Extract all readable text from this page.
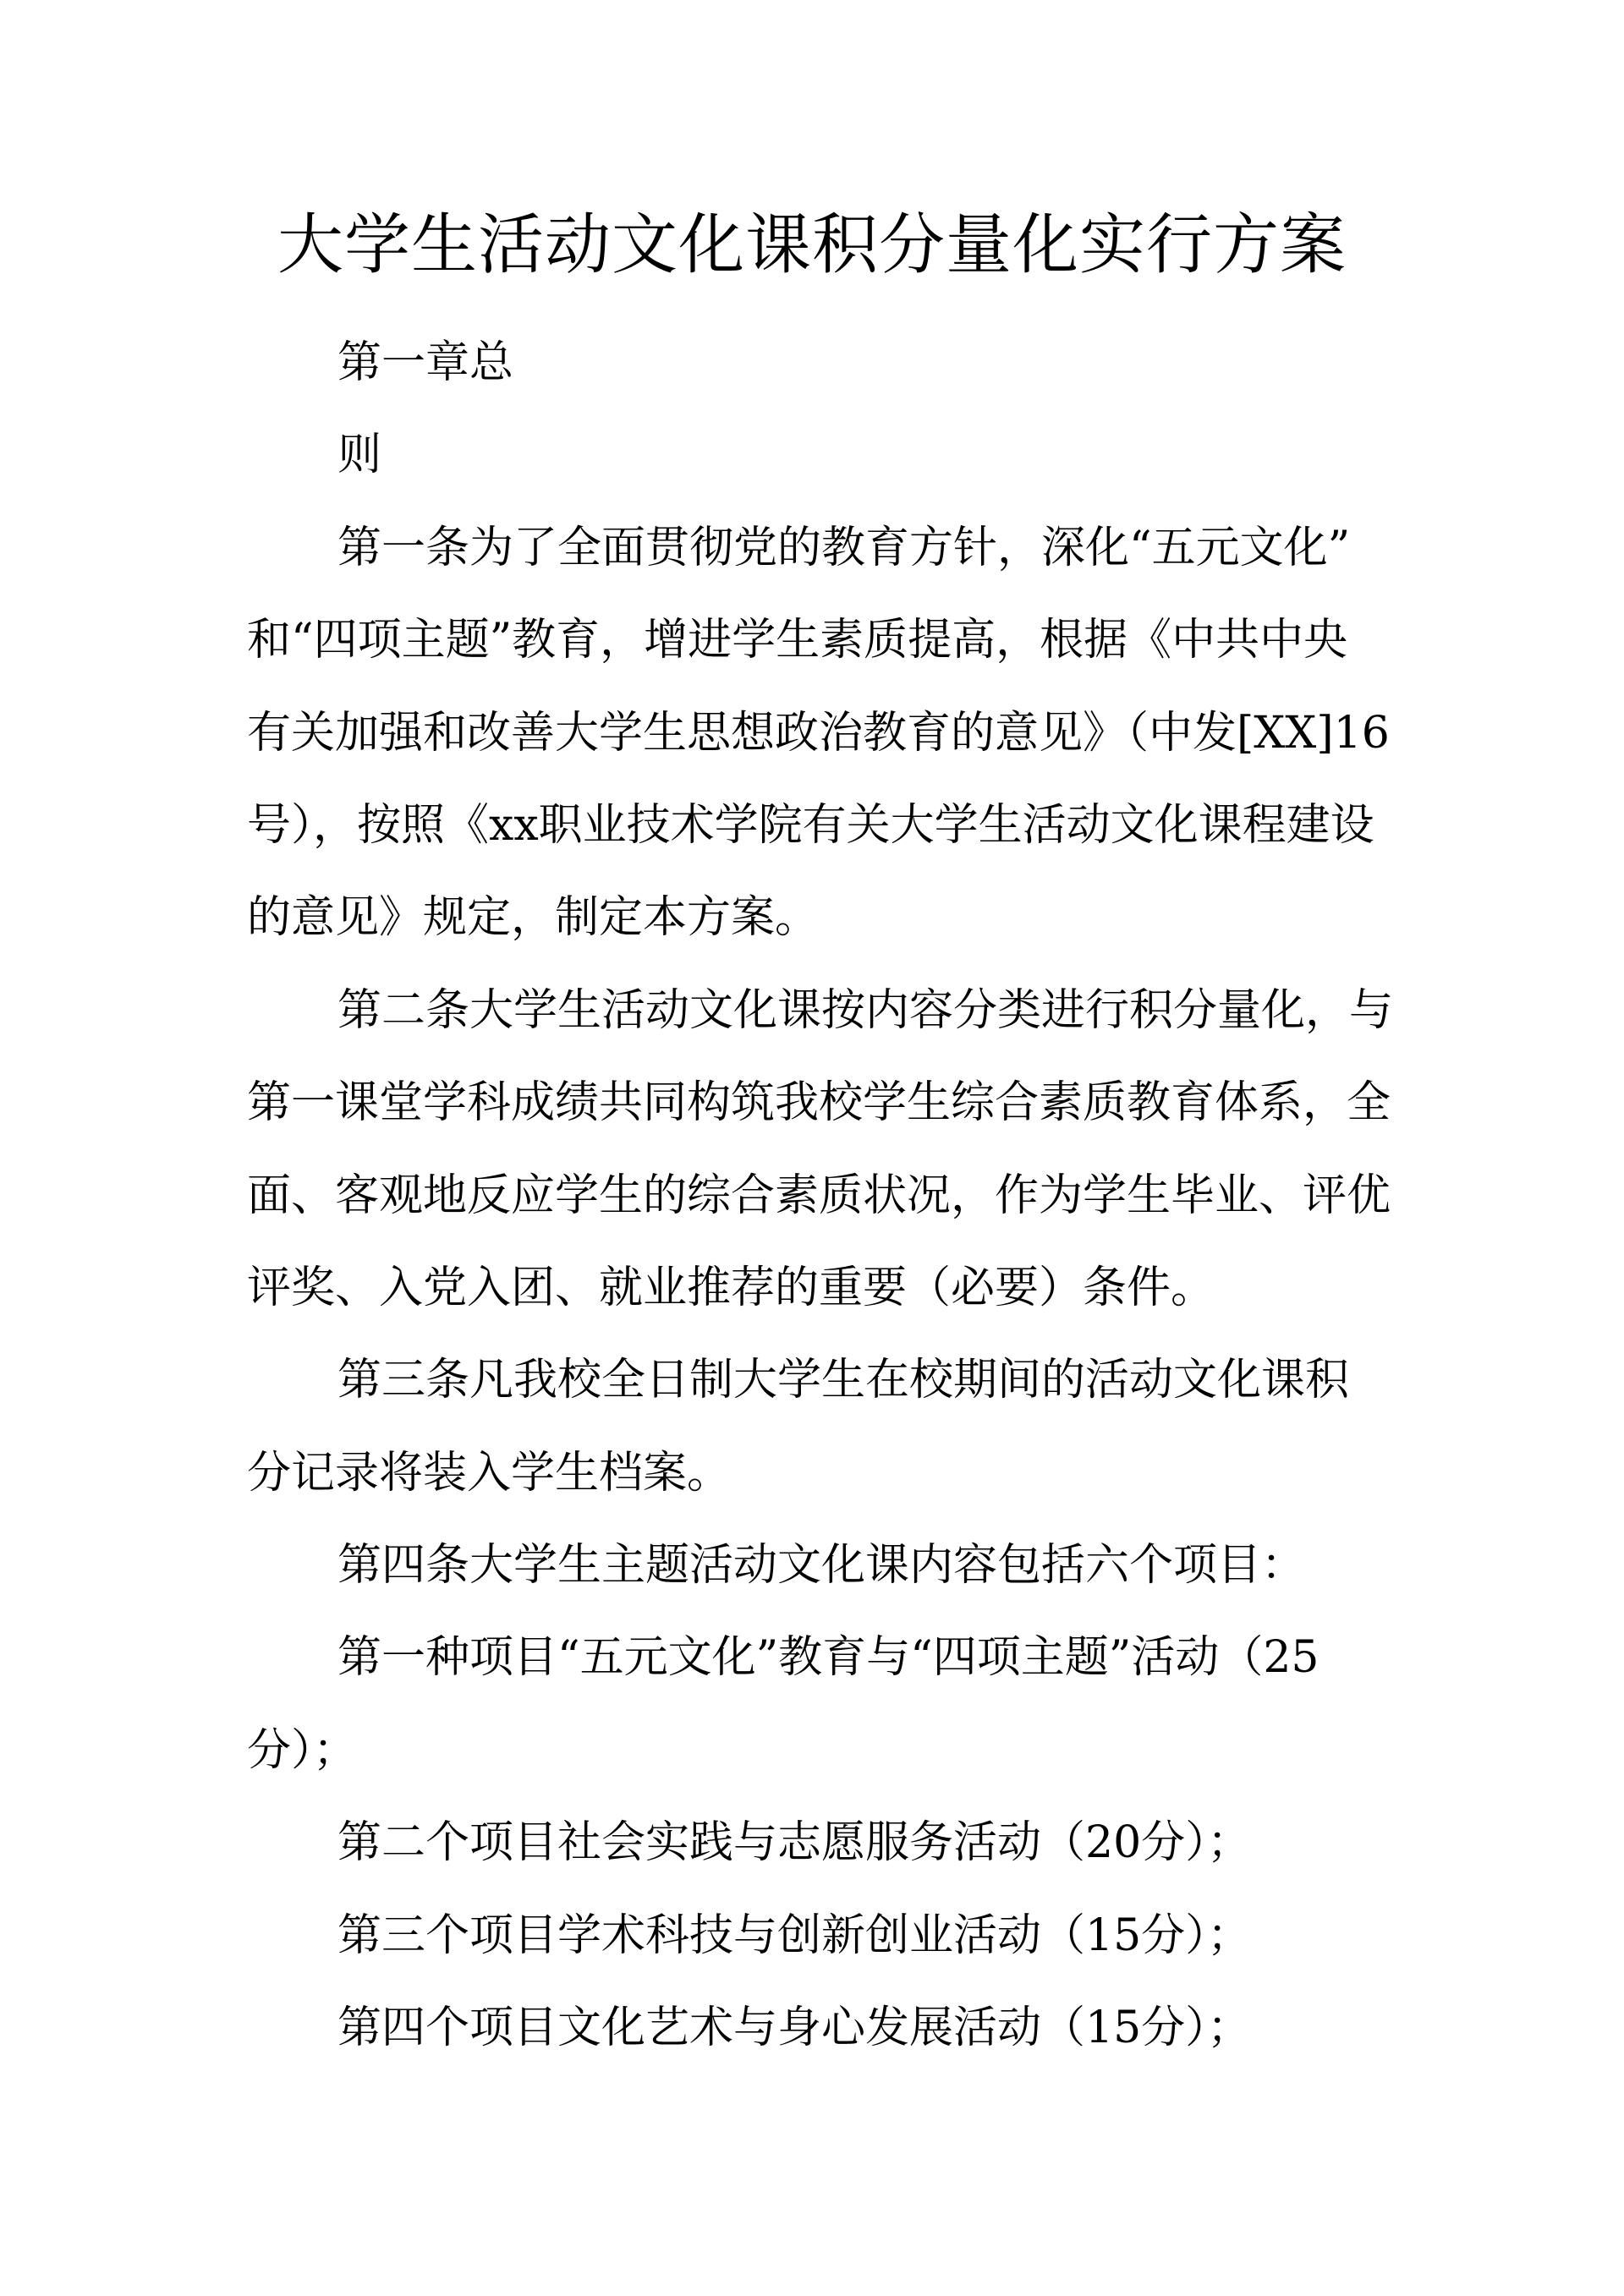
大学生活动文化课积分量化实行方案
第一章总
则
第一条为了全面贯彻党的教育方针，深化“五元文化”
和“四项主题”教育，增进学生素质提高，根据《中共中央
有关加强和改善大学生思想政治教育的意见》（中发[XX]16
号），按照《xx职业技术学院有关大学生活动文化课程建设
的意见》规定，制定本方案。
第二条大学生活动文化课按内容分类进行积分量化，与
第一课堂学科成绩共同构筑我校学生综合素质教育体系，全
面、客观地反应学生的综合素质状况，作为学生毕业、评优
评奖、入党入团、就业推荐的重要（必要）条件。
第三条凡我校全日制大学生在校期间的活动文化课积
分记录将装入学生档案。
第四条大学生主题活动文化课内容包括六个项目：
第一种项目“五元文化”教育与“四项主题”活动（25
分）；
第二个项目社会实践与志愿服务活动（20分）；
第三个项目学术科技与创新创业活动（15分）；
第四个项目文化艺术与身心发展活动（15分）；
